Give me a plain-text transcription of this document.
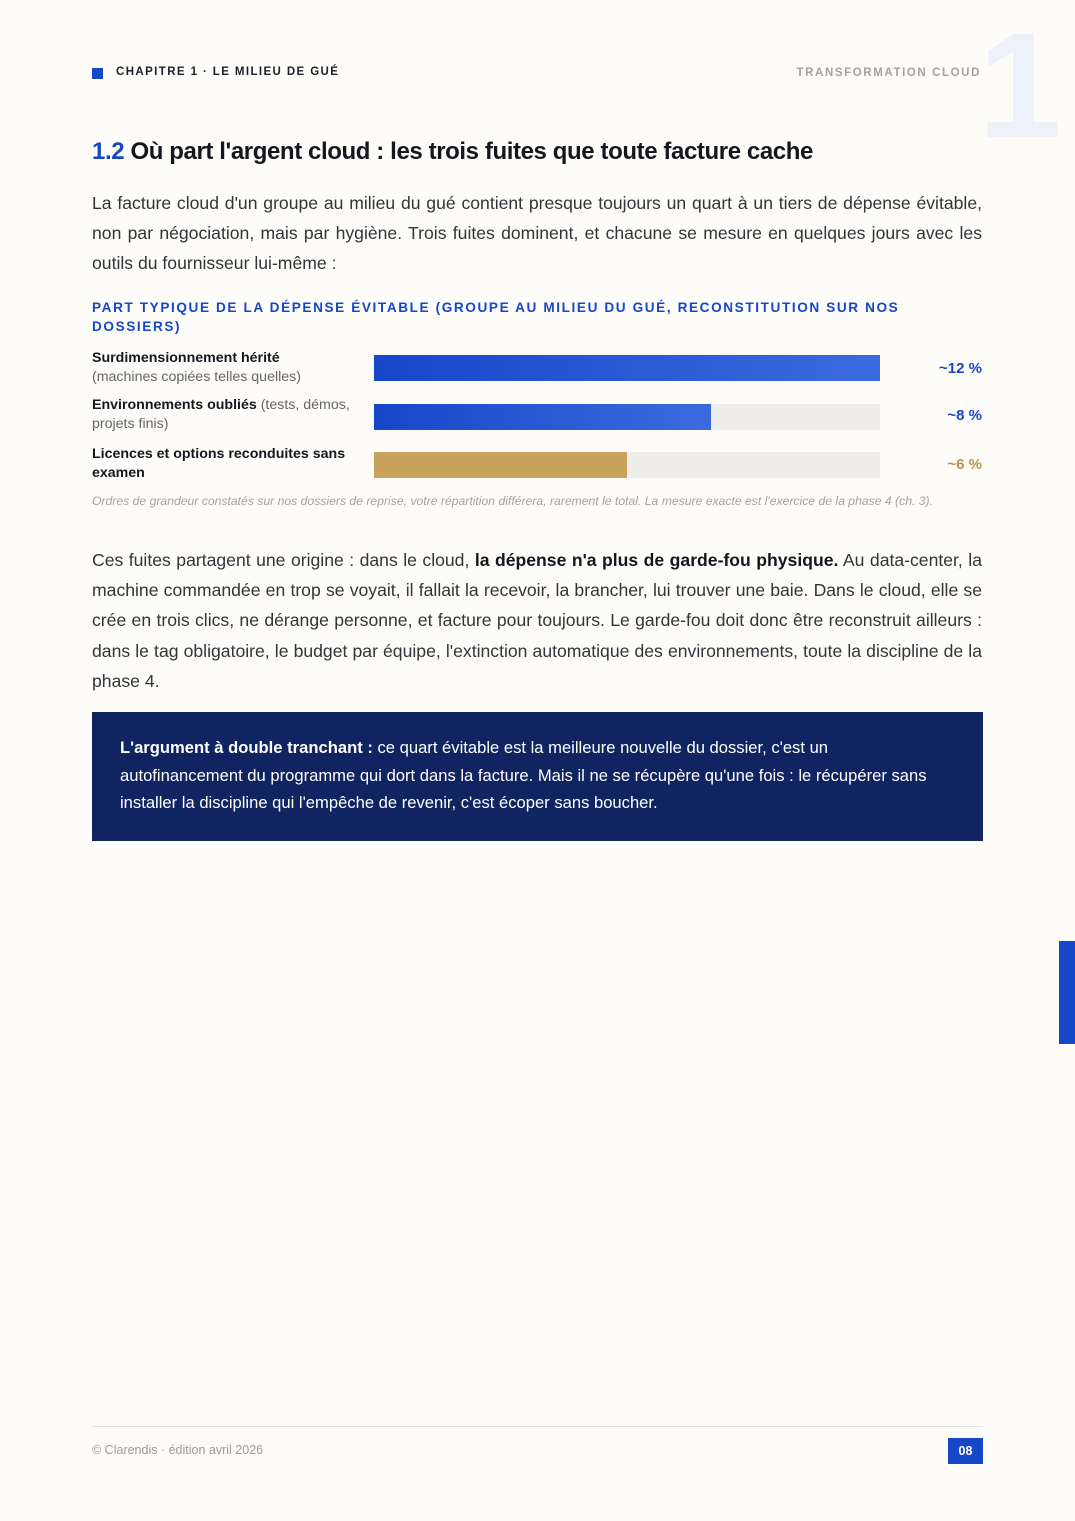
1
CHAPITRE 1 · LE MILIEU DE GUÉ	TRANSFORMATION CLOUD
1.2 Où part l'argent cloud : les trois fuites que toute facture cache
La facture cloud d'un groupe au milieu du gué contient presque toujours un quart à un tiers de dépense évitable, non par négociation, mais par hygiène. Trois fuites dominent, et chacune se mesure en quelques jours avec les outils du fournisseur lui-même :
PART TYPIQUE DE LA DÉPENSE ÉVITABLE (GROUPE AU MILIEU DU GUÉ, RECONSTITUTION SUR NOS DOSSIERS)
Surdimensionnement hérité
(machines copiées telles quelles)	~12 %
Environnements oubliés (tests, démos, projets finis)	~8 %
Licences et options reconduites sans examen	~6 %
Ordres de grandeur constatés sur nos dossiers de reprise, votre répartition différera, rarement le total. La mesure exacte est l'exercice de la phase 4 (ch. 3).
Ces fuites partagent une origine : dans le cloud, la dépense n'a plus de garde-fou physique. Au data-center, la machine commandée en trop se voyait, il fallait la recevoir, la brancher, lui trouver une baie. Dans le cloud, elle se crée en trois clics, ne dérange personne, et facture pour toujours. Le garde-fou doit donc être reconstruit ailleurs : dans le tag obligatoire, le budget par équipe, l'extinction automatique des environnements, toute la discipline de la phase 4.
L'argument à double tranchant : ce quart évitable est la meilleure nouvelle du dossier, c'est un autofinancement du programme qui dort dans la facture. Mais il ne se récupère qu'une fois : le récupérer sans installer la discipline qui l'empêche de revenir, c'est écoper sans boucher.
© Clarendis · édition avril 2026	08
